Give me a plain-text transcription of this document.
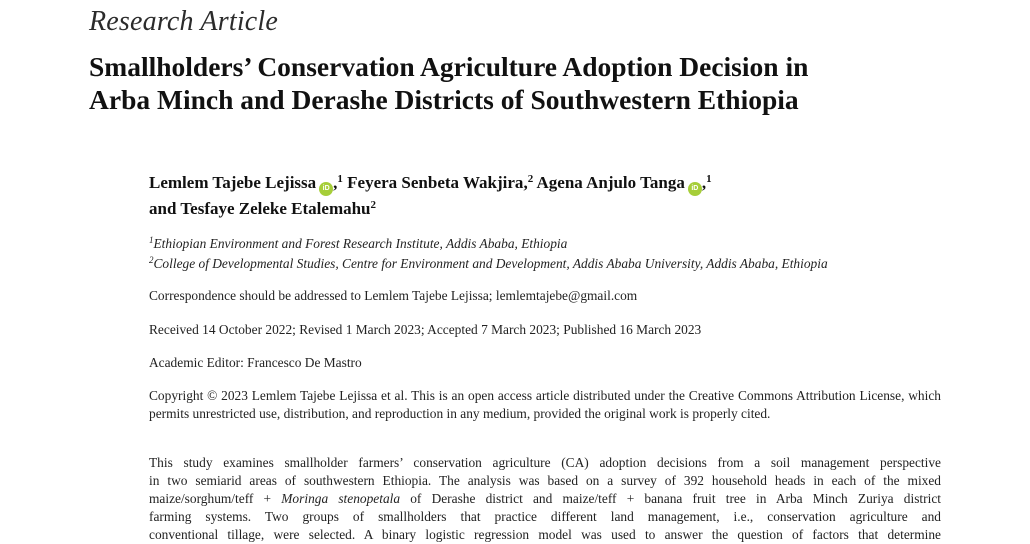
Research Article
Smallholders’ Conservation Agriculture Adoption Decision in
Arba Minch and Derashe Districts of Southwestern Ethiopia
Lemlem Tajebe Lejissa iD ,$^1$ Feyera Senbeta Wakjira,$^2$ Agena Anjulo Tanga iD ,$^1$
and Tesfaye Zeleke Etalemahu$^2$
$^1$Ethiopian Environment and Forest Research Institute, Addis Ababa, Ethiopia
$^2$College of Developmental Studies, Centre for Environment and Development, Addis Ababa University, Addis Ababa, Ethiopia
Correspondence should be addressed to Lemlem Tajebe Lejissa; lemlemtajebe@gmail.com
Received 14 October 2022; Revised 1 March 2023; Accepted 7 March 2023; Published 16 March 2023
Academic Editor: Francesco De Mastro
Copyright © 2023 Lemlem Tajebe Lejissa et al. This is an open access article distributed under the Creative Commons Attribution License, which permits unrestricted use, distribution, and reproduction in any medium, provided the original work is properly cited.
This study examines smallholder farmers’ conservation agriculture (CA) adoption decisions from a soil management perspective
in two semiarid areas of southwestern Ethiopia. The analysis was based on a survey of 392 household heads in each of the mixed
maize/sorghum/teff + Moringa stenopetala of Derashe district and maize/teff + banana fruit tree in Arba Minch Zuriya district
farming systems. Two groups of smallholders that practice different land management, i.e., conservation agriculture and
conventional tillage, were selected. A binary logistic regression model was used to answer the question of factors that determine
